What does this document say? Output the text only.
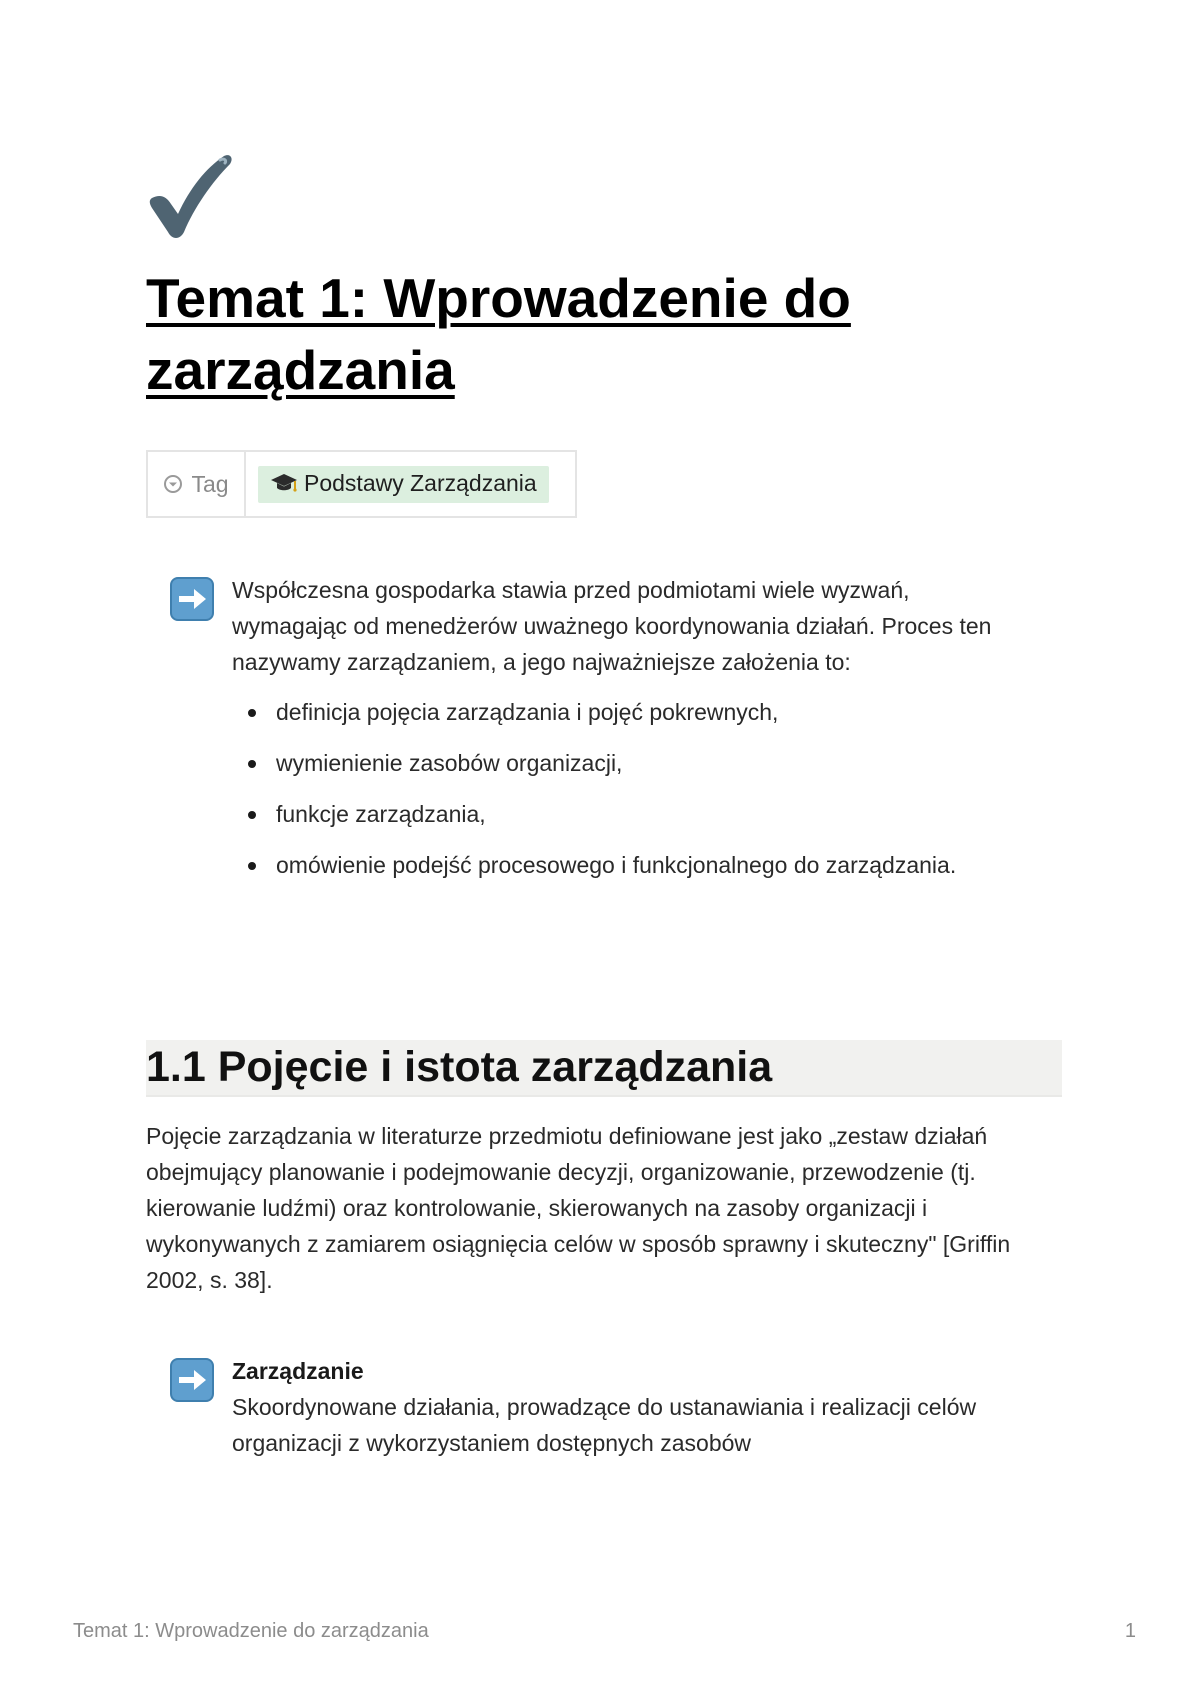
Temat 1: Wprowadzenie do zarządzania
Tag	Podstawy Zarządzania

Współczesna gospodarka stawia przed podmiotami wiele wyzwań, wymagając od menedżerów uważnego koordynowania działań. Proces ten nazywamy zarządzaniem, a jego najważniejsze założenia to:

definicja pojęcia zarządzania i pojęć pokrewnych,
wymienienie zasobów organizacji,
funkcje zarządzania,
omówienie podejść procesowego i funkcjonalnego do zarządzania.
1.1 Pojęcie i istota zarządzania

Pojęcie zarządzania w literaturze przedmiotu definiowane jest jako „zestaw działań obejmujący planowanie i podejmowanie decyzji, organizowanie, przewodzenie (tj. kierowanie ludźmi) oraz kontrolowanie, skierowanych na zasoby organizacji i wykonywanych z zamiarem osiągnięcia celów w sposób sprawny i skuteczny" [Griffin 2002, s. 38].

Zarządzanie
Skoordynowane działania, prowadzące do ustanawiania i realizacji celów organizacji z wykorzystaniem dostępnych zasobów
Temat 1: Wprowadzenie do zarządzania	1
